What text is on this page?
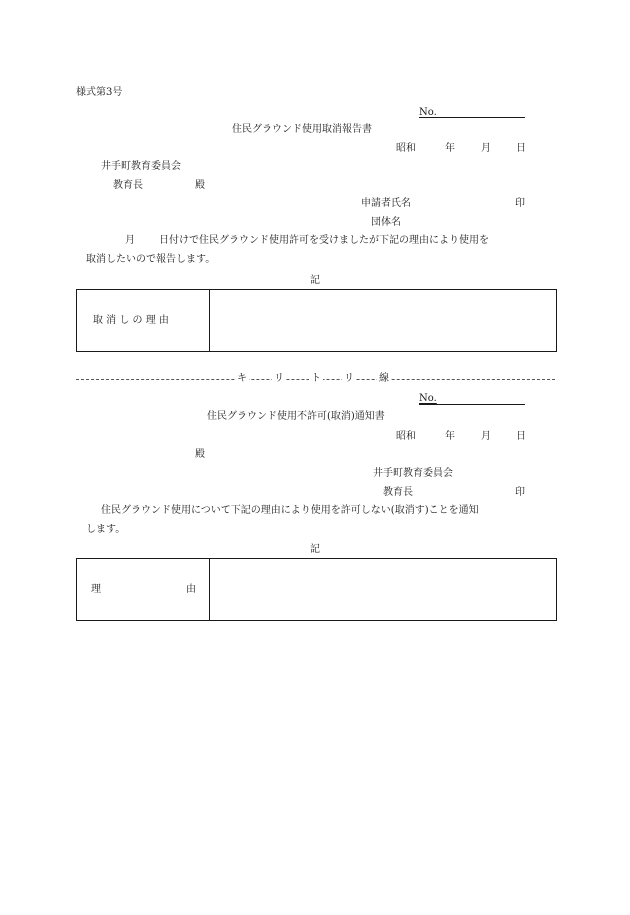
様式第3号
No.
住民グラウンド使用取消報告書
昭和	年	月	日
井手町教育委員会
教育長	殿
申請者氏名	印
団体名
月 日付けで住民グラウンド使用許可を受けましたが下記の理由により使用を
取消したいので報告します。
記
取 消 し の 理 由
キ	リ	ト リ	線
No.
住民グラウンド使用不許可(取消)通知書
昭和	年	月	日
殿
井手町教育委員会
教育長	印
住民グラウンド使用について下記の理由により使用を許可しない(取消す)ことを通知
します。
記
理	由
